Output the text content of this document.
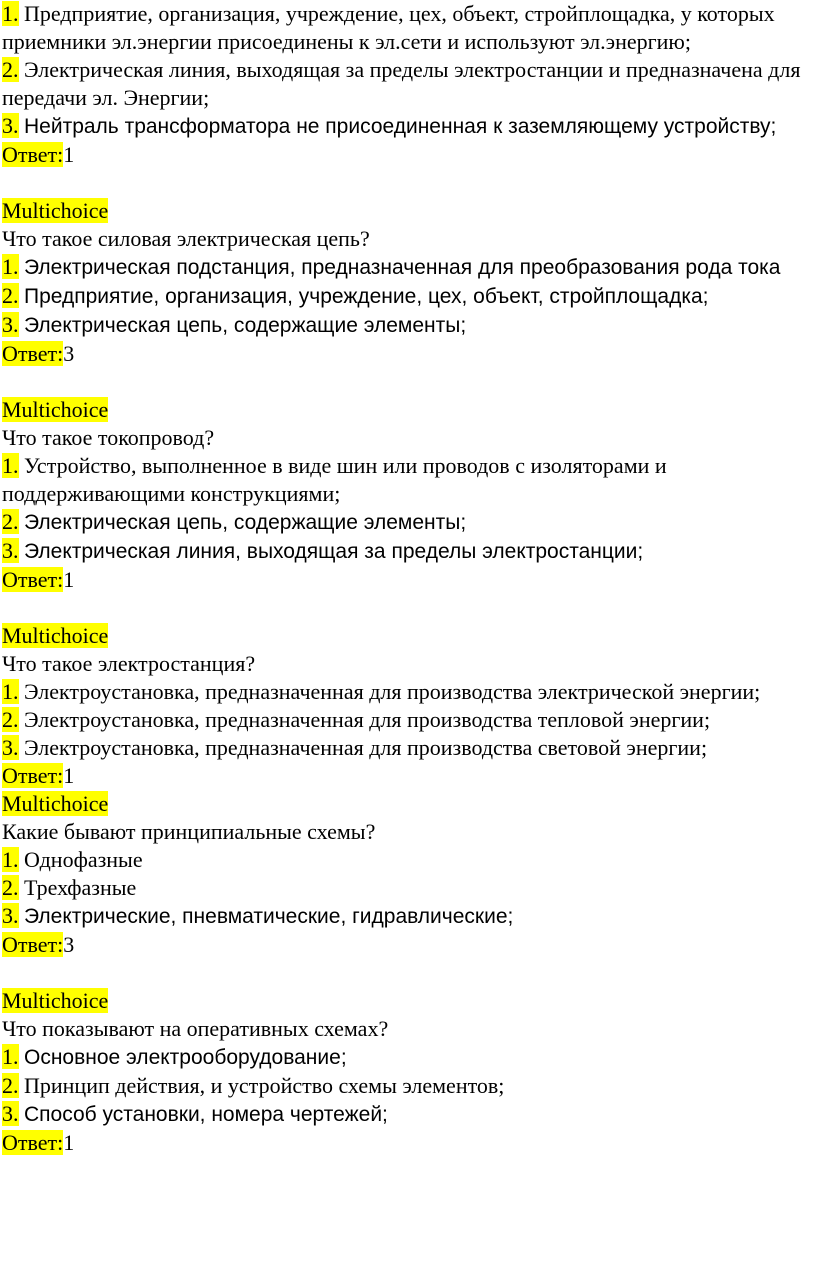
1. Предприятие, организация, учреждение, цех, объект, стройплощадка, у которых приемники эл.энергии присоединены к эл.сети и используют эл.энергию;

2. Электрическая линия, выходящая за пределы электростанции и предназначена для передачи эл. Энергии;

3. Нейтраль трансформатора не присоединенная к заземляющему устройству;

Ответ:1

Multichoice

Что такое силовая электрическая цепь?

1. Электрическая подстанция, предназначенная для преобразования рода тока

2. Предприятие, организация, учреждение, цех, объект, стройплощадка;

3. Электрическая цепь, содержащие элементы;

Ответ:3

Multichoice

Что такое токопровод?

1. Устройство, выполненное в виде шин или проводов с изоляторами и поддерживающими конструкциями;

2. Электрическая цепь, содержащие элементы;

3. Электрическая линия, выходящая за пределы электростанции;

Ответ:1

Multichoice

Что такое электростанция?

1. Электроустановка, предназначенная для производства электрической энергии;

2. Электроустановка, предназначенная для производства тепловой энергии;

3. Электроустановка, предназначенная для производства световой энергии;

Ответ:1

Multichoice

Какие бывают принципиальные схемы?

1. Однофазные

2. Трехфазные

3. Электрические, пневматические, гидравлические;

Ответ:3

Multichoice

Что показывают на оперативных схемах?

1. Основное электрооборудование;

2. Принцип действия, и устройство схемы элементов;

3. Способ установки, номера чертежей;

Ответ:1
